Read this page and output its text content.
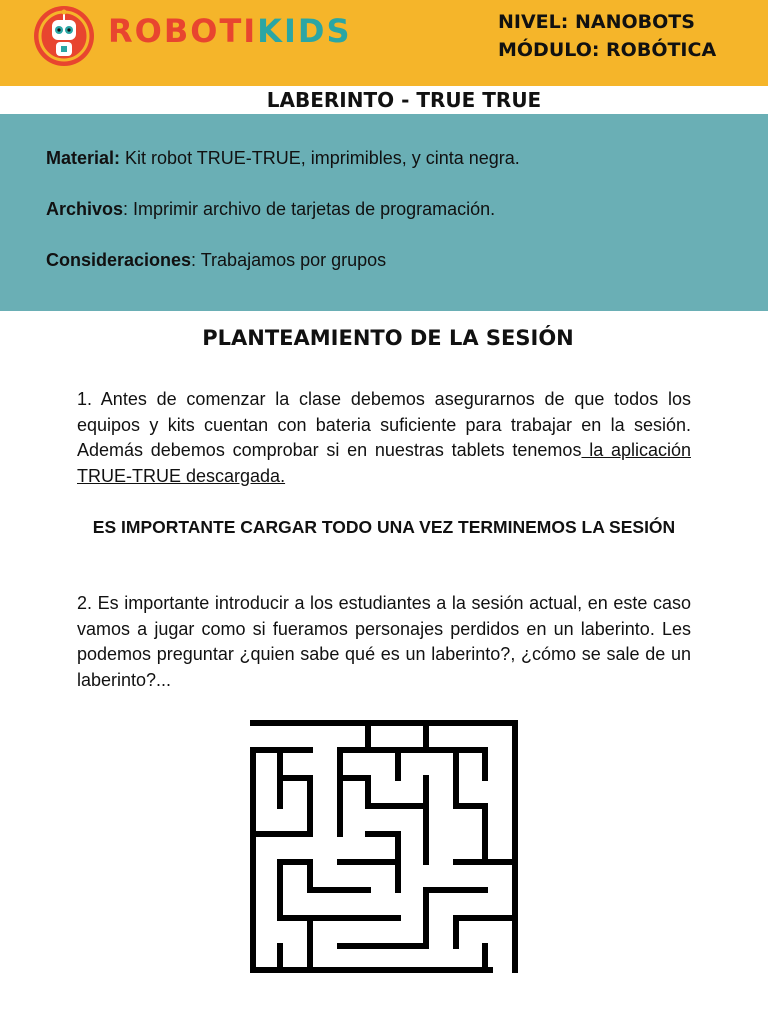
ROBOTIKIDS	NIVEL: NANOBOTS
MÓDULO: ROBÓTICA
LABERINTO - TRUE TRUE
Material: Kit robot TRUE-TRUE, imprimibles, y cinta negra.
Archivos: Imprimir archivo de tarjetas de programación.
Consideraciones: Trabajamos por grupos
PLANTEAMIENTO DE LA SESIÓN
1. Antes de comenzar la clase debemos asegurarnos de que todos los equipos y kits cuentan con bateria suficiente para trabajar en la sesión. Además debemos comprobar si en nuestras tablets tenemos la aplicación TRUE-TRUE descargada.
ES IMPORTANTE CARGAR TODO UNA VEZ TERMINEMOS LA SESIÓN
2. Es importante introducir a los estudiantes a la sesión actual, en este caso vamos a jugar como si fueramos personajes perdidos en un laberinto. Les podemos preguntar ¿quien sabe qué es un laberinto?, ¿cómo se sale de un laberinto?...
